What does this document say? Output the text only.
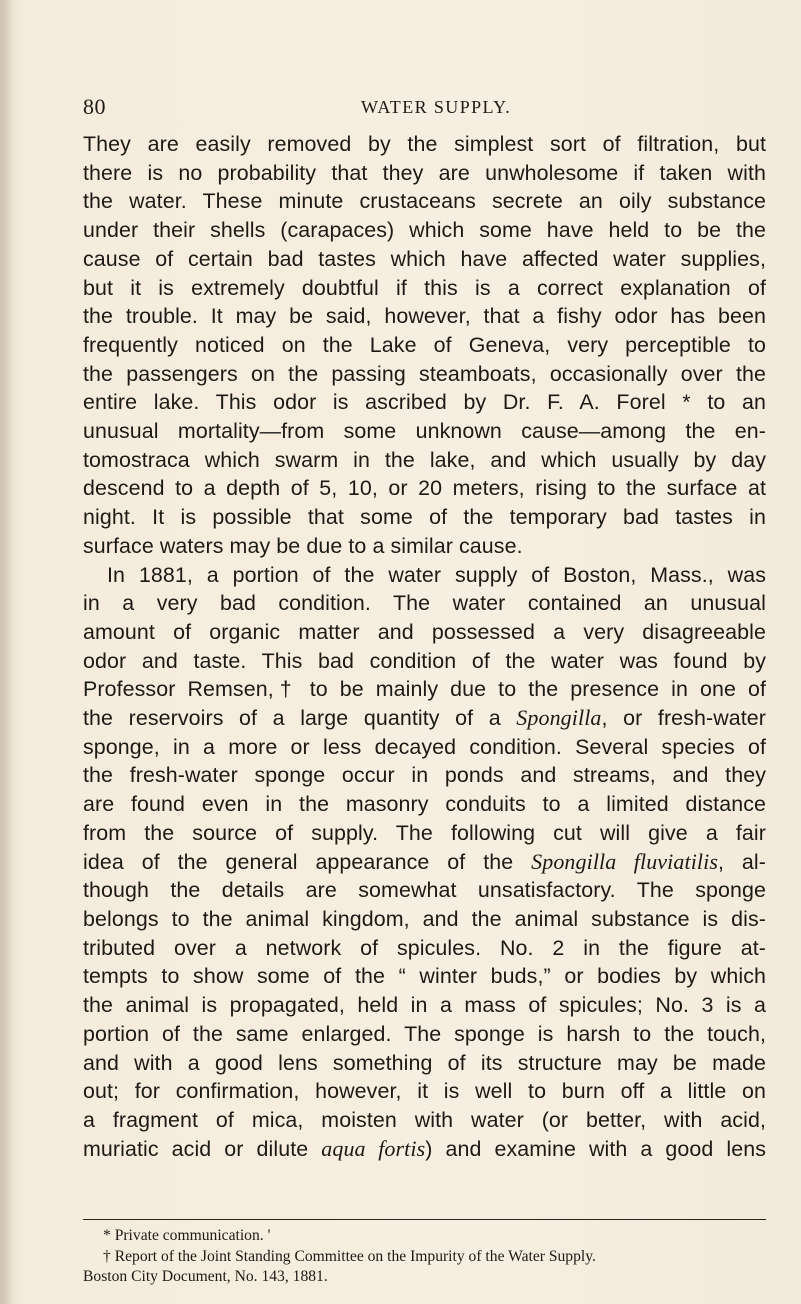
80	WATER SUPPLY.
They are easily removed by the simplest sort of filtration, but
there is no probability that they are unwholesome if taken with
the water. These minute crustaceans secrete an oily substance
under their shells (carapaces) which some have held to be the
cause of certain bad tastes which have affected water supplies,
but it is extremely doubtful if this is a correct explanation of
the trouble. It may be said, however, that a fishy odor has been
frequently noticed on the Lake of Geneva, very perceptible to
the passengers on the passing steamboats, occasionally over the
entire lake. This odor is ascribed by Dr. F. A. Forel * to an
unusual mortality—from some unknown cause—among the en-
tomostraca which swarm in the lake, and which usually by day
descend to a depth of 5, 10, or 20 meters, rising to the surface at
night. It is possible that some of the temporary bad tastes in
surface waters may be due to a similar cause.
In 1881, a portion of the water supply of Boston, Mass., was
in a very bad condition. The water contained an unusual
amount of organic matter and possessed a very disagreeable
odor and taste. This bad condition of the water was found by
Professor Remsen,† to be mainly due to the presence in one of
the reservoirs of a large quantity of a Spongilla, or fresh-water
sponge, in a more or less decayed condition. Several species of
the fresh-water sponge occur in ponds and streams, and they
are found even in the masonry conduits to a limited distance
from the source of supply. The following cut will give a fair
idea of the general appearance of the Spongilla fluviatilis, al-
though the details are somewhat unsatisfactory. The sponge
belongs to the animal kingdom, and the animal substance is dis-
tributed over a network of spicules. No. 2 in the figure at-
tempts to show some of the “ winter buds,” or bodies by which
the animal is propagated, held in a mass of spicules; No. 3 is a
portion of the same enlarged. The sponge is harsh to the touch,
and with a good lens something of its structure may be made
out; for confirmation, however, it is well to burn off a little on
a fragment of mica, moisten with water (or better, with acid,
muriatic acid or dilute aqua fortis) and examine with a good lens
* Private communication. '
† Report of the Joint Standing Committee on the Impurity of the Water Supply.
Boston City Document, No. 143, 1881.
